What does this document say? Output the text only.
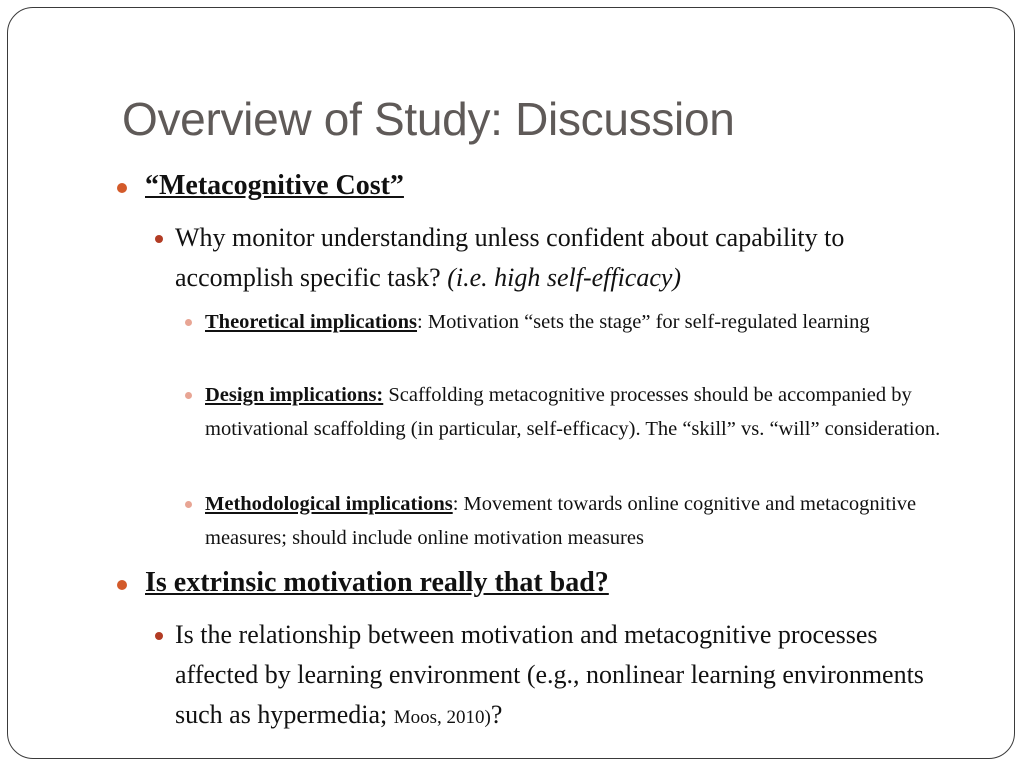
Overview of Study: Discussion
“Metacognitive Cost”
Why monitor understanding unless confident about capability to accomplish specific task? (i.e. high self-efficacy)
Theoretical implications: Motivation “sets the stage” for self-regulated learning
Design implications: Scaffolding metacognitive processes should be accompanied by motivational scaffolding (in particular, self-efficacy). The “skill” vs. “will” consideration.
Methodological implications: Movement towards online cognitive and metacognitive measures; should include online motivation measures
Is extrinsic motivation really that bad?
Is the relationship between motivation and metacognitive processes affected by learning environment (e.g., nonlinear learning environments such as hypermedia; Moos, 2010)?
